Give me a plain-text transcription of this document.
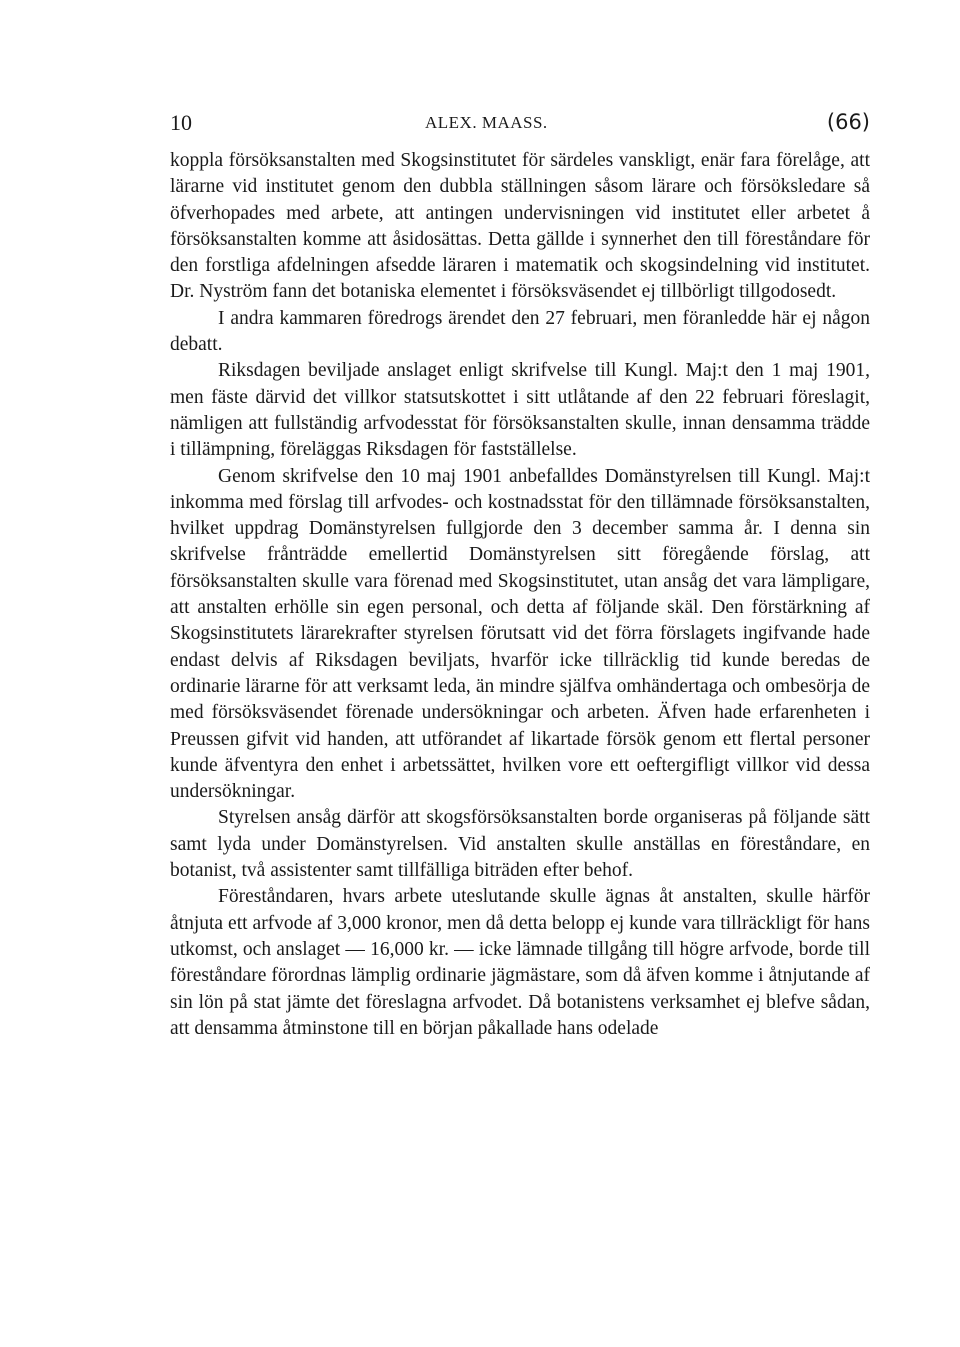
10	ALEX. MAASS.	(66)

koppla försöksanstalten med Skogsinstitutet för särdeles vanskligt, enär fara förelåge, att lärarne vid institutet genom den dubbla ställningen såsom lärare och försöksledare så öfverhopades med arbete, att antingen undervisningen vid institutet eller arbetet å försöksanstalten komme att åsidosättas. Detta gällde i synnerhet den till föreståndare för den forstliga afdelningen afsedde läraren i matematik och skogsindelning vid institutet. Dr. Nyström fann det botaniska elementet i försöksväsendet ej tillbörligt tillgodosedt.

I andra kammaren föredrogs ärendet den 27 februari, men föranledde här ej någon debatt.

Riksdagen beviljade anslaget enligt skrifvelse till Kungl. Maj:t den 1 maj 1901, men fäste därvid det villkor statsutskottet i sitt utlåtande af den 22 februari föreslagit, nämligen att fullständig arfvodesstat för försöksanstalten skulle, innan densamma trädde i tillämpning, föreläggas Riksdagen för fastställelse.

Genom skrifvelse den 10 maj 1901 anbefalldes Domänstyrelsen till Kungl. Maj:t inkomma med förslag till arfvodes- och kostnadsstat för den tillämnade försöksanstalten, hvilket uppdrag Domänstyrelsen fullgjorde den 3 december samma år. I denna sin skrifvelse frånträdde emellertid Domänstyrelsen sitt föregående förslag, att försöksanstalten skulle vara förenad med Skogsinstitutet, utan ansåg det vara lämpligare, att anstalten erhölle sin egen personal, och detta af följande skäl. Den förstärkning af Skogsinstitutets lärarekrafter styrelsen förutsatt vid det förra förslagets ingifvande hade endast delvis af Riksdagen beviljats, hvarför icke tillräcklig tid kunde beredas de ordinarie lärarne för att verksamt leda, än mindre själfva omhändertaga och ombesörja de med försöksväsendet förenade undersökningar och arbeten. Äfven hade erfarenheten i Preussen gifvit vid handen, att utförandet af likartade försök genom ett flertal personer kunde äfventyra den enhet i arbetssättet, hvilken vore ett oeftergifligt villkor vid dessa undersökningar.

Styrelsen ansåg därför att skogsförsöksanstalten borde organiseras på följande sätt samt lyda under Domänstyrelsen. Vid anstalten skulle anställas en föreståndare, en botanist, två assistenter samt tillfälliga biträden efter behof.

Föreståndaren, hvars arbete uteslutande skulle ägnas åt anstalten, skulle härför åtnjuta ett arfvode af 3,000 kronor, men då detta belopp ej kunde vara tillräckligt för hans utkomst, och anslaget — 16,000 kr. — icke lämnade tillgång till högre arfvode, borde till föreståndare förordnas lämplig ordinarie jägmästare, som då äfven komme i åtnjutande af sin lön på stat jämte det föreslagna arfvodet. Då botanistens verksamhet ej blefve sådan, att densamma åtminstone till en början påkallade hans odelade
